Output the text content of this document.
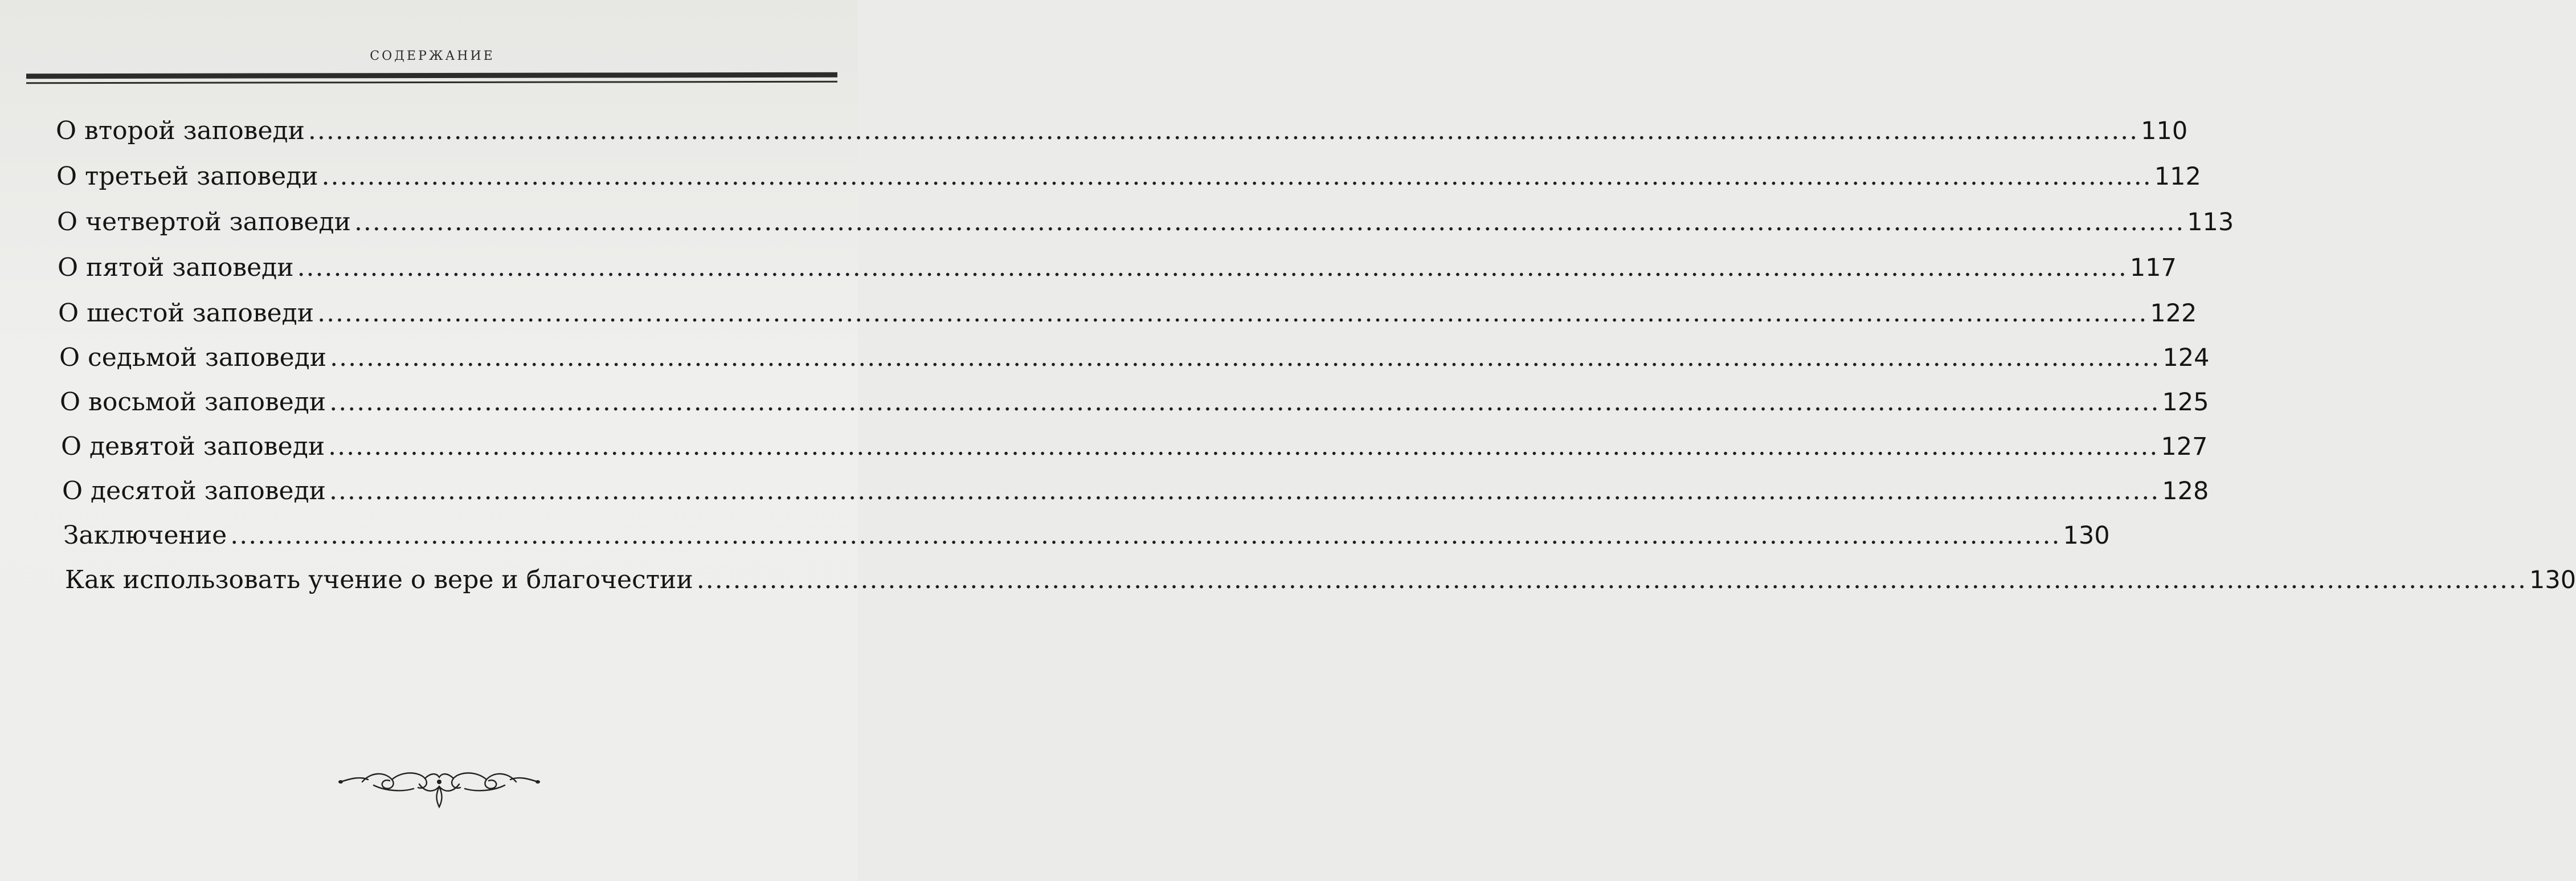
СОДЕРЖАНИЕ
О второй заповеди ......................................................................................................................................................................................................... 110
О третьей заповеди ......................................................................................................................................................................................................... 112
О четвертой заповеди ......................................................................................................................................................................................................... 113
О пятой заповеди ......................................................................................................................................................................................................... 117
О шестой заповеди ......................................................................................................................................................................................................... 122
О седьмой заповеди ......................................................................................................................................................................................................... 124
О восьмой заповеди ......................................................................................................................................................................................................... 125
О девятой заповеди ......................................................................................................................................................................................................... 127
О десятой заповеди ......................................................................................................................................................................................................... 128
Заключение ......................................................................................................................................................................................................... 130
Как использовать учение о вере и благочестии ......................................................................................................................................................................................................... 130
